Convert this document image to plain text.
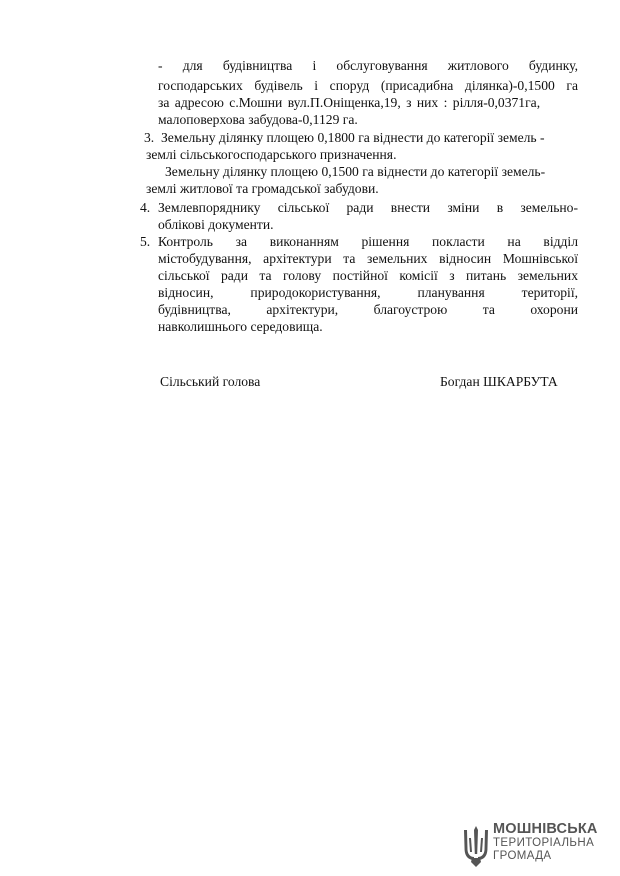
- для будівництва і обслуговування житлового будинку,
господарських будівель і споруд (присадибна ділянка)-0,1500 га
за адресою с.Мошни вул.П.Оніщенка,19, з них : рілля-0,0371га,
малоповерхова забудова-0,1129 га.
3. Земельну ділянку площею 0,1800 га віднести до категорії земель -
землі сільськогосподарського призначення.
Земельну ділянку площею 0,1500 га віднести до категорії земель-
землі житлової та громадської забудови.
4. Землевпоряднику сільської ради внести зміни в земельно-
облікові документи.
5. Контроль за виконанням рішення покласти на відділ
містобудування, архітектури та земельних відносин Мошнівської
сільської ради та голову постійної комісії з питань земельних
відносин, природокористування, планування території,
будівництва, архітектури, благоустрою та охорони
навколишнього середовища.
Сільський голова	Богдан ШКАРБУТА
МОШНІВСЬКА
ТЕРИТОРІАЛЬНА
ГРОМАДА
